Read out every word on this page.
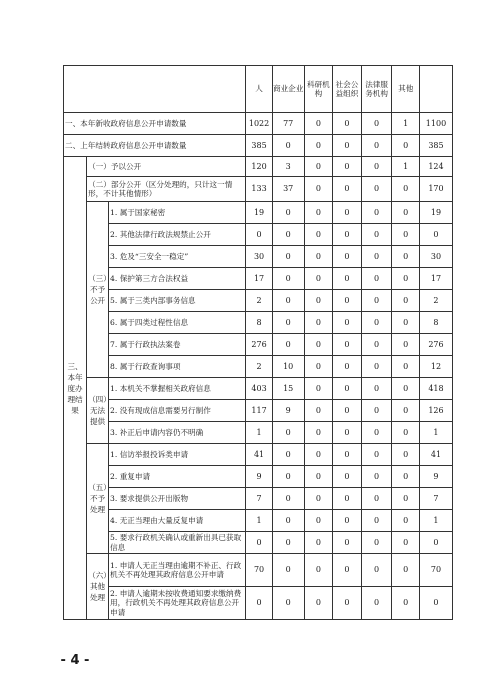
			人	商业企业	科研机构	社会公益组织	法律服务机构	其他	
一、本年新收政府信息公开申请数量			1022	77	0	0	0	1	1100
二、上年结转政府信息公开申请数量			385	0	0	0	0	0	385
三、本年度办理结果	（一）予以公开		120	3	0	0	0	1	124
	（二）部分公开（区分处理的，只计这一情形，不计其他情形）		133	37	0	0	0	0	170
	（三）不予公开	1. 属于国家秘密	19	0	0	0	0	0	19
		2. 其他法律行政法规禁止公开	0	0	0	0	0	0	0
		3. 危及“三安全一稳定”	30	0	0	0	0	0	30
		4. 保护第三方合法权益	17	0	0	0	0	0	17
		5. 属于三类内部事务信息	2	0	0	0	0	0	2
		6. 属于四类过程性信息	8	0	0	0	0	0	8
		7. 属于行政执法案卷	276	0	0	0	0	0	276
		8. 属于行政查询事项	2	10	0	0	0	0	12
	（四）无法提供	1. 本机关不掌握相关政府信息	403	15	0	0	0	0	418
		2. 没有现成信息需要另行制作	117	9	0	0	0	0	126
		3. 补正后申请内容仍不明确	1	0	0	0	0	0	1
	（五）不予处理	1. 信访举报投诉类申请	41	0	0	0	0	0	41
		2. 重复申请	9	0	0	0	0	0	9
		3. 要求提供公开出版物	7	0	0	0	0	0	7
		4. 无正当理由大量反复申请	1	0	0	0	0	0	1
		5. 要求行政机关确认或重新出具已获取信息	0	0	0	0	0	0	0
	（六）其他处理	1. 申请人无正当理由逾期不补正、行政机关不再处理其政府信息公开申请	70	0	0	0	0	0	70
		2. 申请人逾期未按收费通知要求缴纳费用，行政机关不再处理其政府信息公开申请	0	0	0	0	0	0	0
- 4 -
